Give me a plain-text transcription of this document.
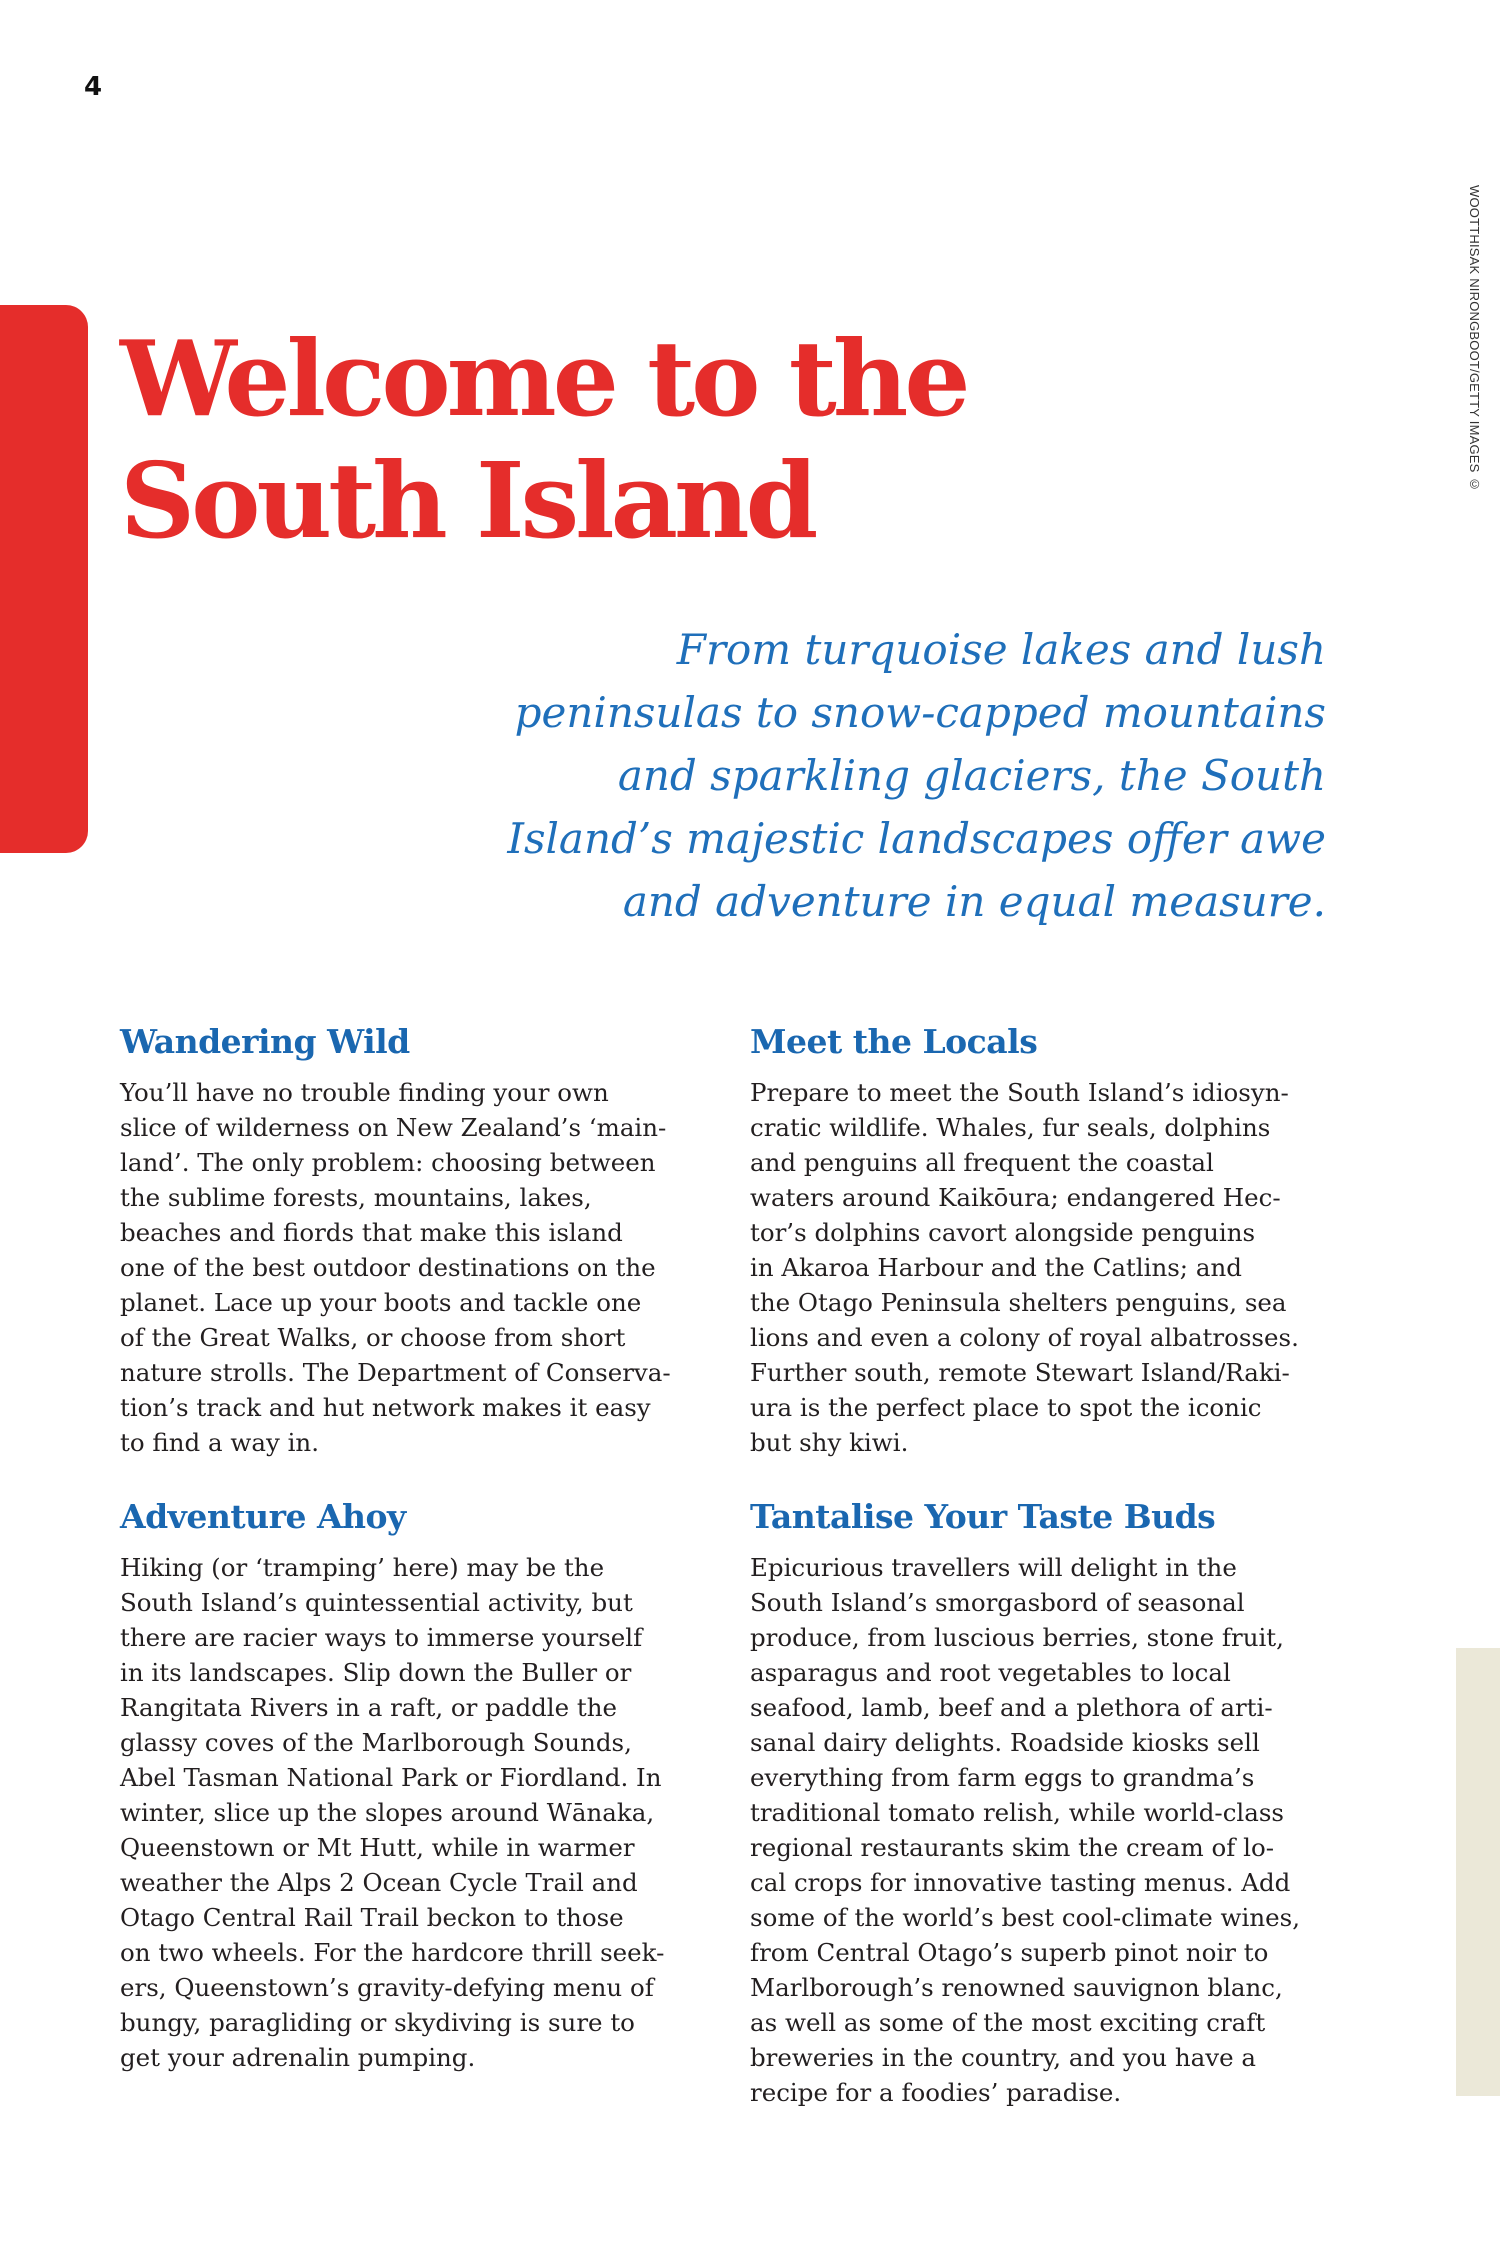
4
WOOTTHISAK NIRONGBOOT/GETTY IMAGES ©
Welcome to the
South Island

From turquoise lakes and lush
peninsulas to snow-capped mountains
and sparkling glaciers, the South
Island’s majestic landscapes offer awe
and adventure in equal measure.

Wandering Wild

You’ll have no trouble finding your own
slice of wilderness on New Zealand’s ‘main-
land’. The only problem: choosing between
the sublime forests, mountains, lakes,
beaches and fiords that make this island
one of the best outdoor destinations on the
planet. Lace up your boots and tackle one
of the Great Walks, or choose from short
nature strolls. The Department of Conserva-
tion’s track and hut network makes it easy
to find a way in.

Meet the Locals

Prepare to meet the South Island’s idiosyn-
cratic wildlife. Whales, fur seals, dolphins
and penguins all frequent the coastal
waters around Kaikōura; endangered Hec-
tor’s dolphins cavort alongside penguins
in Akaroa Harbour and the Catlins; and
the Otago Peninsula shelters penguins, sea
lions and even a colony of royal albatrosses.
Further south, remote Stewart Island/Raki-
ura is the perfect place to spot the iconic
but shy kiwi.

Adventure Ahoy

Hiking (or ‘tramping’ here) may be the
South Island’s quintessential activity, but
there are racier ways to immerse yourself
in its landscapes. Slip down the Buller or
Rangitata Rivers in a raft, or paddle the
glassy coves of the Marlborough Sounds,
Abel Tasman National Park or Fiordland. In
winter, slice up the slopes around Wānaka,
Queenstown or Mt Hutt, while in warmer
weather the Alps 2 Ocean Cycle Trail and
Otago Central Rail Trail beckon to those
on two wheels. For the hardcore thrill seek-
ers, Queenstown’s gravity-defying menu of
bungy, paragliding or skydiving is sure to
get your adrenalin pumping.

Tantalise Your Taste Buds

Epicurious travellers will delight in the
South Island’s smorgasbord of seasonal
produce, from luscious berries, stone fruit,
asparagus and root vegetables to local
seafood, lamb, beef and a plethora of arti-
sanal dairy delights. Roadside kiosks sell
everything from farm eggs to grandma’s
traditional tomato relish, while world-class
regional restaurants skim the cream of lo-
cal crops for innovative tasting menus. Add
some of the world’s best cool-climate wines,
from Central Otago’s superb pinot noir to
Marlborough’s renowned sauvignon blanc,
as well as some of the most exciting craft
breweries in the country, and you have a
recipe for a foodies’ paradise.
